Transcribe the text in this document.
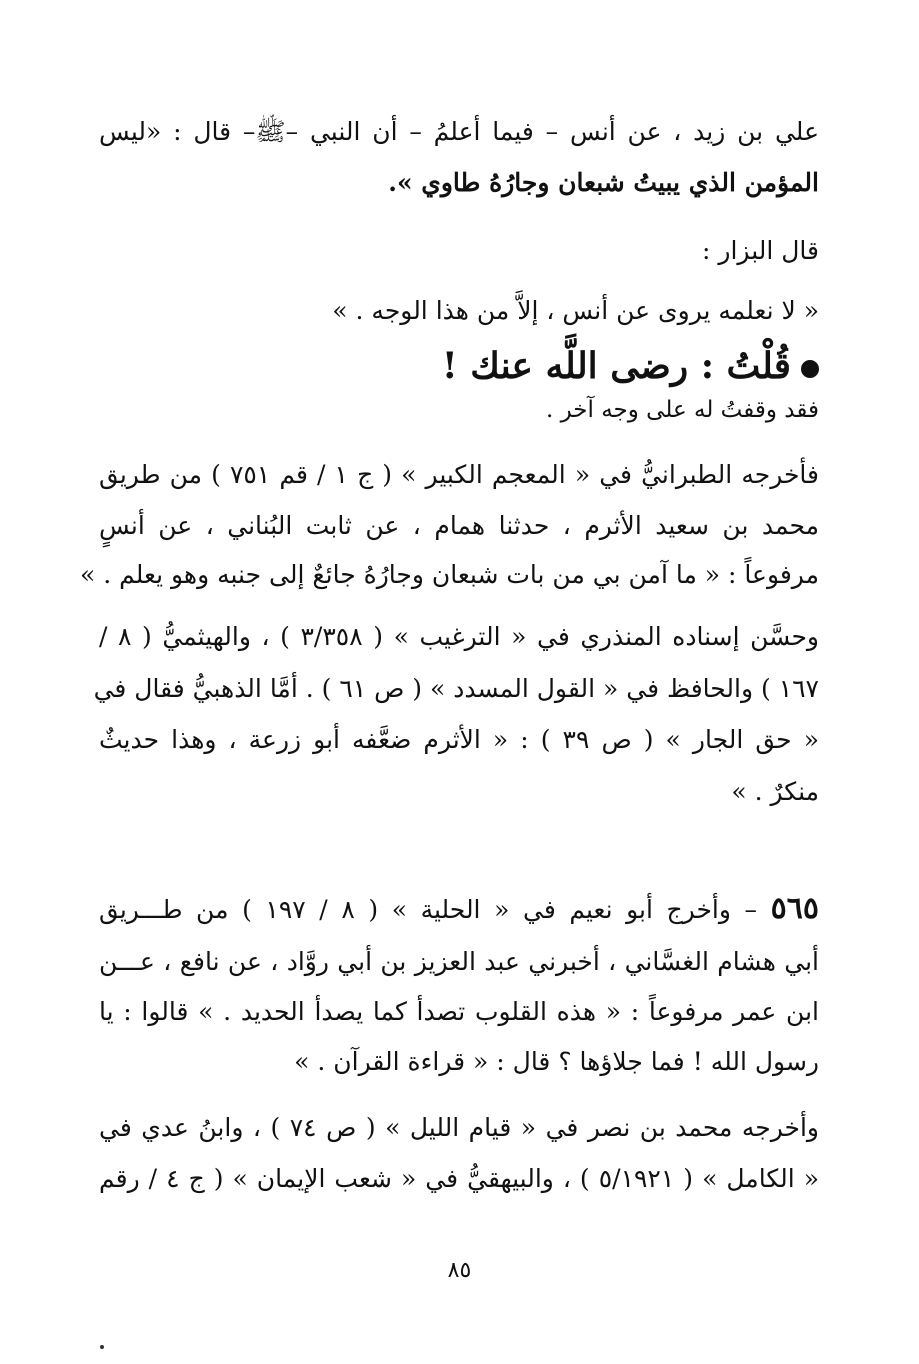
علي بن زيد ، عن أنس – فيما أعلمُ – أن النبي –ﷺ– قال : «ليس
المؤمن الذي يبيتُ شبعان وجارُهُ طاوي ».
قال البزار :
« لا نعلمه يروى عن أنس ، إلاَّ من هذا الوجه . »
قُلْتُ : رضى اللَّه عنك !
فقد وقفتُ له على وجه آخر .
فأخرجه الطبرانيُّ في « المعجم الكبير » ( ج ١ / قم ٧٥١ ) من طريق
محمد بن سعيد الأثرم ، حدثنا همام ، عن ثابت البُناني ، عن أنسٍ
مرفوعاً : « ما آمن بي من بات شبعان وجارُهُ جائعٌ إلى جنبه وهو يعلم . »
وحسَّن إسناده المنذري في « الترغيب » ( ٣/٣٥٨ ) ، والهيثميُّ ( ٨ /
١٦٧ ) والحافظ في « القول المسدد » ( ص ٦١ ) . أمَّا الذهبيُّ فقال في
« حق الجار » ( ص ٣٩ ) : « الأثرم ضعَّفه أبو زرعة ، وهذا حديثٌ
منكرٌ . »
٥٦٥ – وأخرج أبو نعيم في « الحلية » ( ٨ / ١٩٧ ) من طـــريق
أبي هشام الغسَّاني ، أخبرني عبد العزيز بن أبي روَّاد ، عن نافع ، عـــن
ابن عمر مرفوعاً : « هذه القلوب تصدأ كما يصدأ الحديد . » قالوا : يا
رسول الله ! فما جلاؤها ؟ قال : « قراءة القرآن . »
وأخرجه محمد بن نصر في « قيام الليل » ( ص ٧٤ ) ، وابنُ عدي في
« الكامل » ( ٥/١٩٢١ ) ، والبيهقيُّ في « شعب الإيمان » ( ج ٤ / رقم
٨٥
